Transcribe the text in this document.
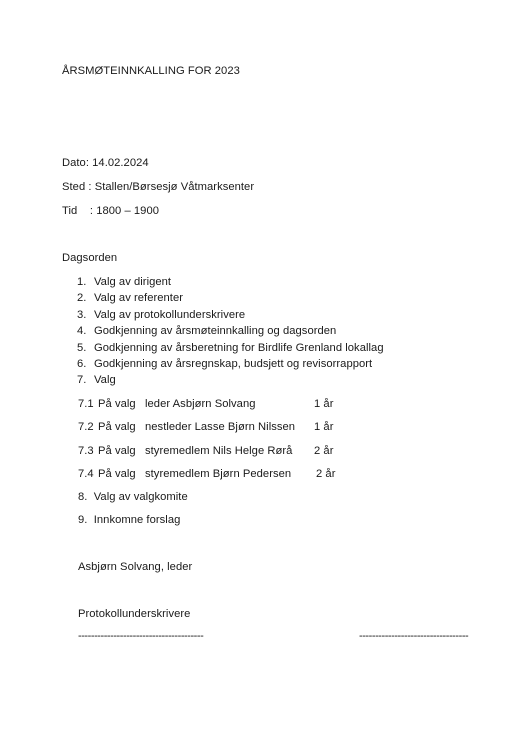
ÅRSMØTEINNKALLING FOR 2023
Dato: 14.02.2024
Sted : Stallen/Børsesjø Våtmarksenter
Tid    : 1800 – 1900
Dagsorden
1. Valg av dirigent
2. Valg av referenter
3. Valg av protokollunderskrivere
4. Godkjenning av årsmøteinnkalling og dagsorden
5. Godkjenning av årsberetning for Birdlife Grenland lokallag
6. Godkjenning av årsregnskap, budsjett og revisorrapport
7. Valg
7.1 På valg leder Asbjørn Solvang	1 år
7.2 På valg nestleder Lasse Bjørn Nilssen 1 år
7.3 På valg styremedlem Nils Helge Rørå 2 år
7.4 På valg styremedlem Bjørn Pedersen 2 år
8.  Valg av valgkomite
9.  Innkomne forslag
Asbjørn Solvang, leder
Protokollunderskrivere
---------------------------------------	----------------------------------
